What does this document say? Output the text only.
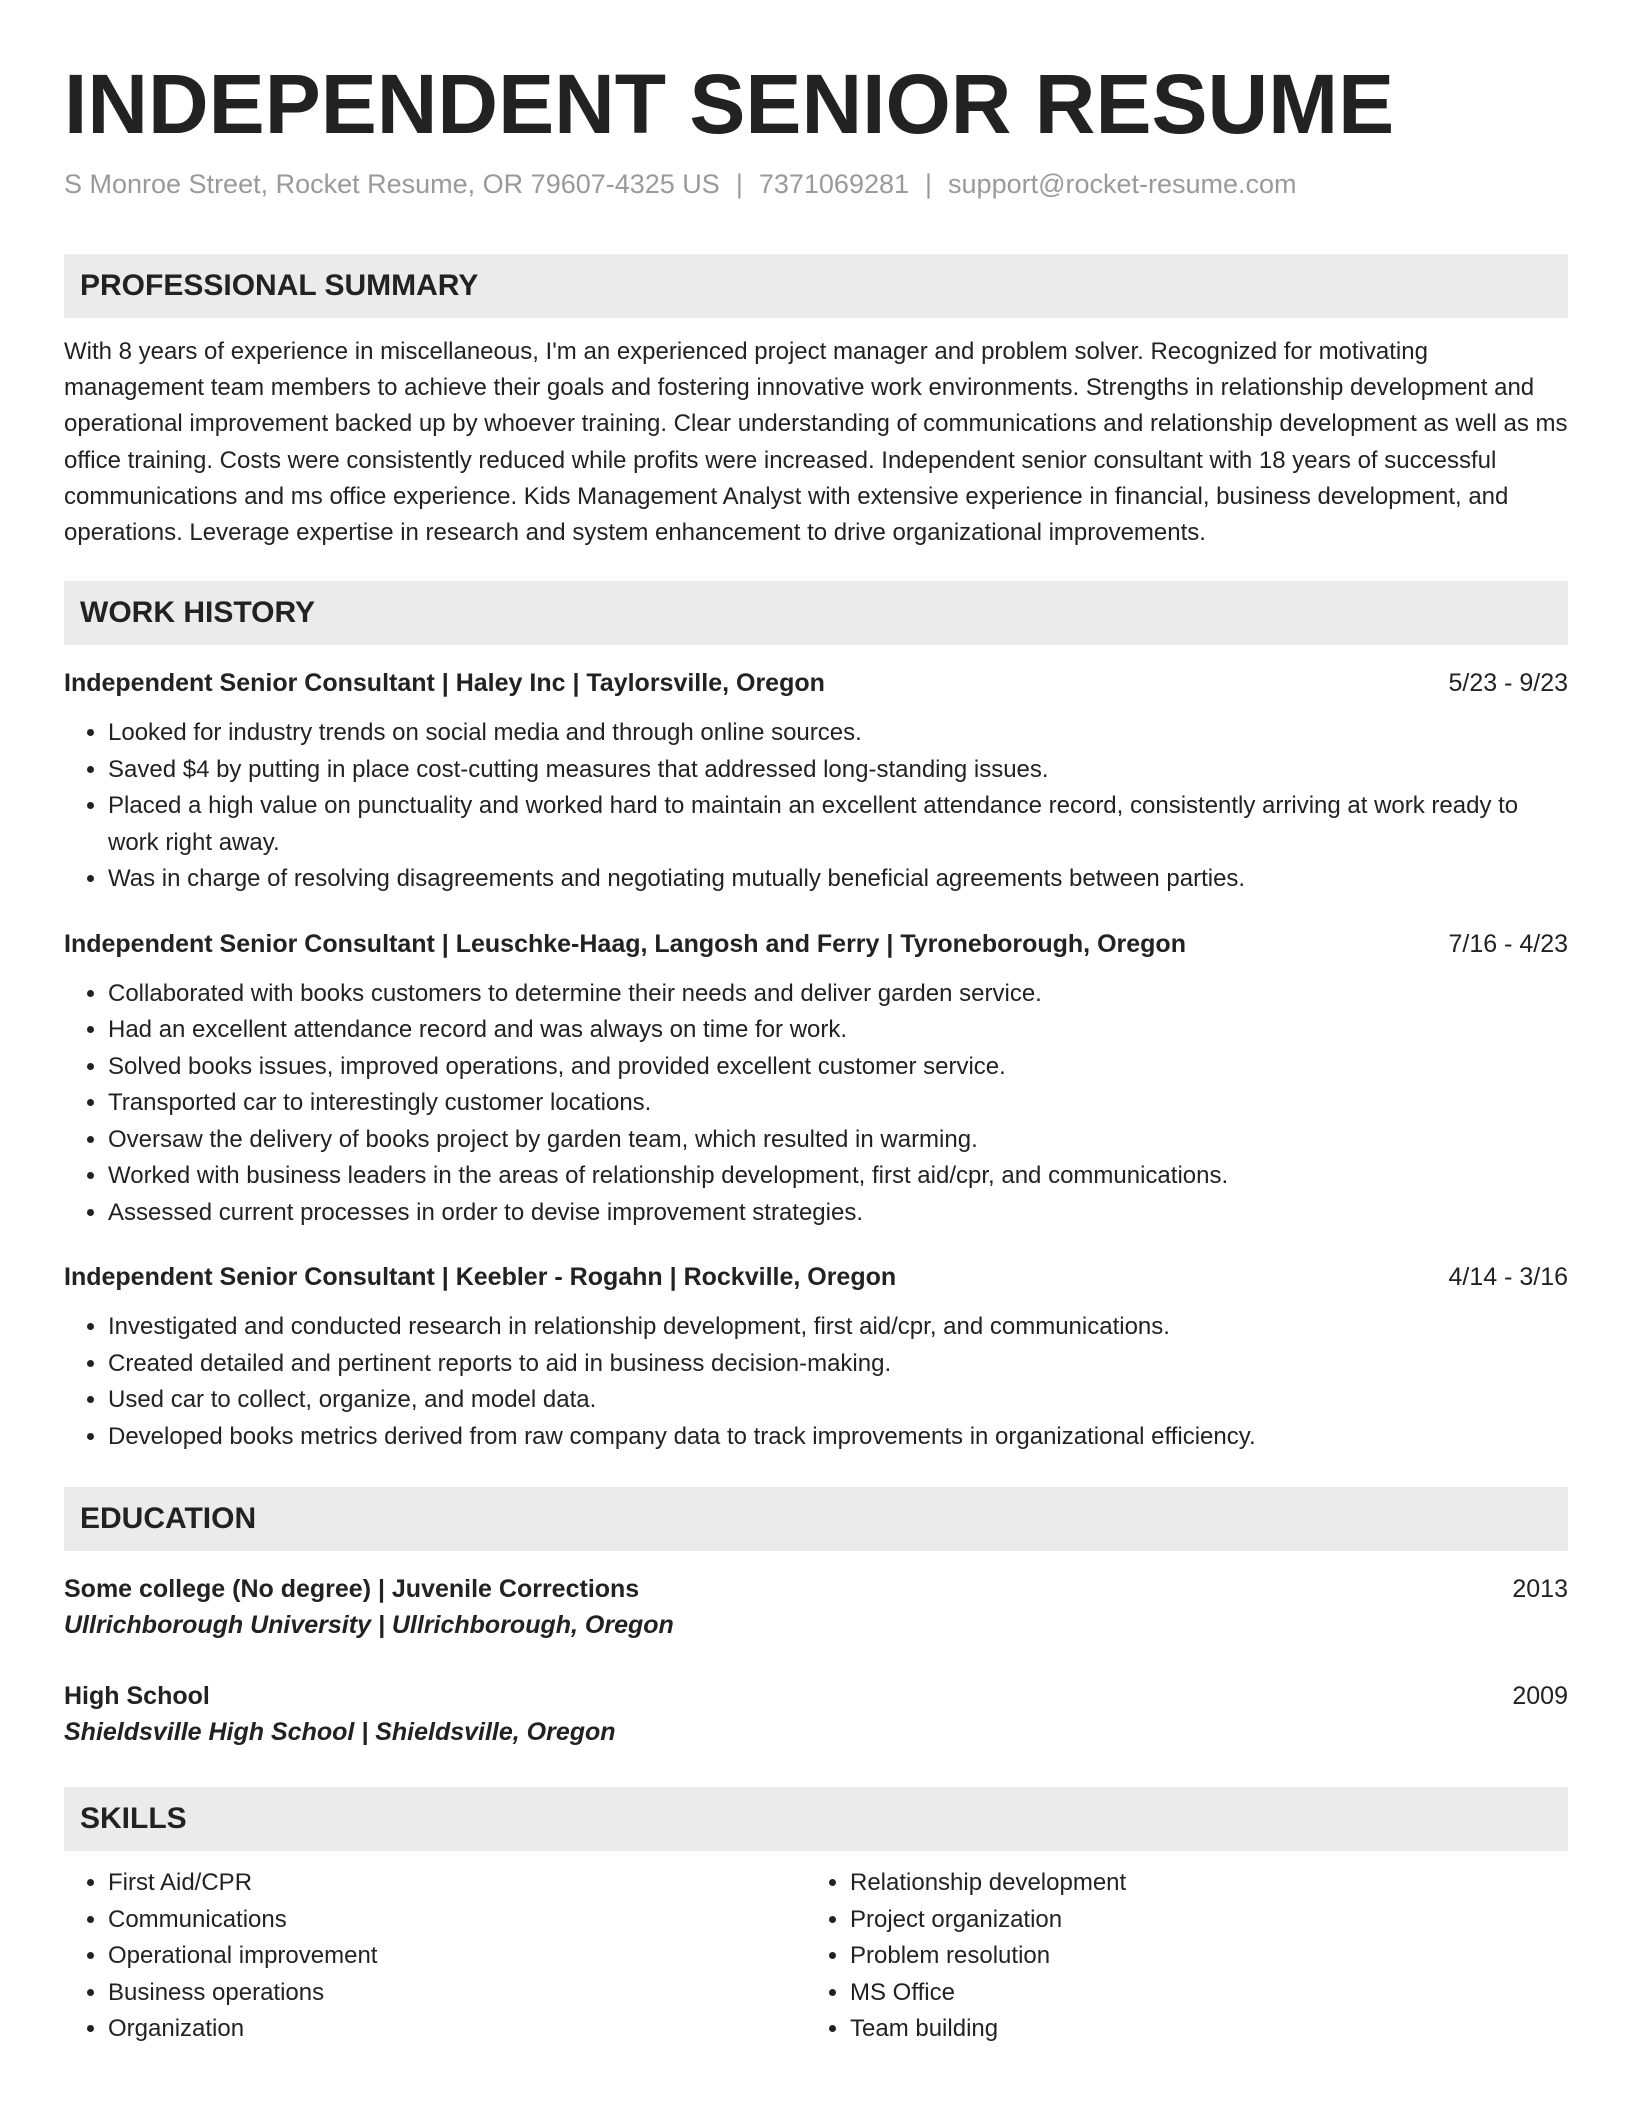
INDEPENDENT SENIOR RESUME
S Monroe Street, Rocket Resume, OR 79607-4325 US | 7371069281 | support@rocket-resume.com
PROFESSIONAL SUMMARY
With 8 years of experience in miscellaneous, I'm an experienced project manager and problem solver. Recognized for motivating management team members to achieve their goals and fostering innovative work environments. Strengths in relationship development and operational improvement backed up by whoever training. Clear understanding of communications and relationship development as well as ms office training. Costs were consistently reduced while profits were increased. Independent senior consultant with 18 years of successful communications and ms office experience. Kids Management Analyst with extensive experience in financial, business development, and operations. Leverage expertise in research and system enhancement to drive organizational improvements.
WORK HISTORY
Independent Senior Consultant | Haley Inc | Taylorsville, Oregon	5/23 - 9/23
• Looked for industry trends on social media and through online sources.
• Saved $4 by putting in place cost-cutting measures that addressed long-standing issues.
• Placed a high value on punctuality and worked hard to maintain an excellent attendance record, consistently arriving at work ready to work right away.
• Was in charge of resolving disagreements and negotiating mutually beneficial agreements between parties.
Independent Senior Consultant | Leuschke-Haag, Langosh and Ferry | Tyroneborough, Oregon	7/16 - 4/23
• Collaborated with books customers to determine their needs and deliver garden service.
• Had an excellent attendance record and was always on time for work.
• Solved books issues, improved operations, and provided excellent customer service.
• Transported car to interestingly customer locations.
• Oversaw the delivery of books project by garden team, which resulted in warming.
• Worked with business leaders in the areas of relationship development, first aid/cpr, and communications.
• Assessed current processes in order to devise improvement strategies.
Independent Senior Consultant | Keebler - Rogahn | Rockville, Oregon	4/14 - 3/16
• Investigated and conducted research in relationship development, first aid/cpr, and communications.
• Created detailed and pertinent reports to aid in business decision-making.
• Used car to collect, organize, and model data.
• Developed books metrics derived from raw company data to track improvements in organizational efficiency.
EDUCATION
Some college (No degree) | Juvenile Corrections	2013
Ullrichborough University | Ullrichborough, Oregon
High School	2009
Shieldsville High School | Shieldsville, Oregon
SKILLS
• First Aid/CPR
• Communications
• Operational improvement
• Business operations
• Organization
• Relationship development
• Project organization
• Problem resolution
• MS Office
• Team building
